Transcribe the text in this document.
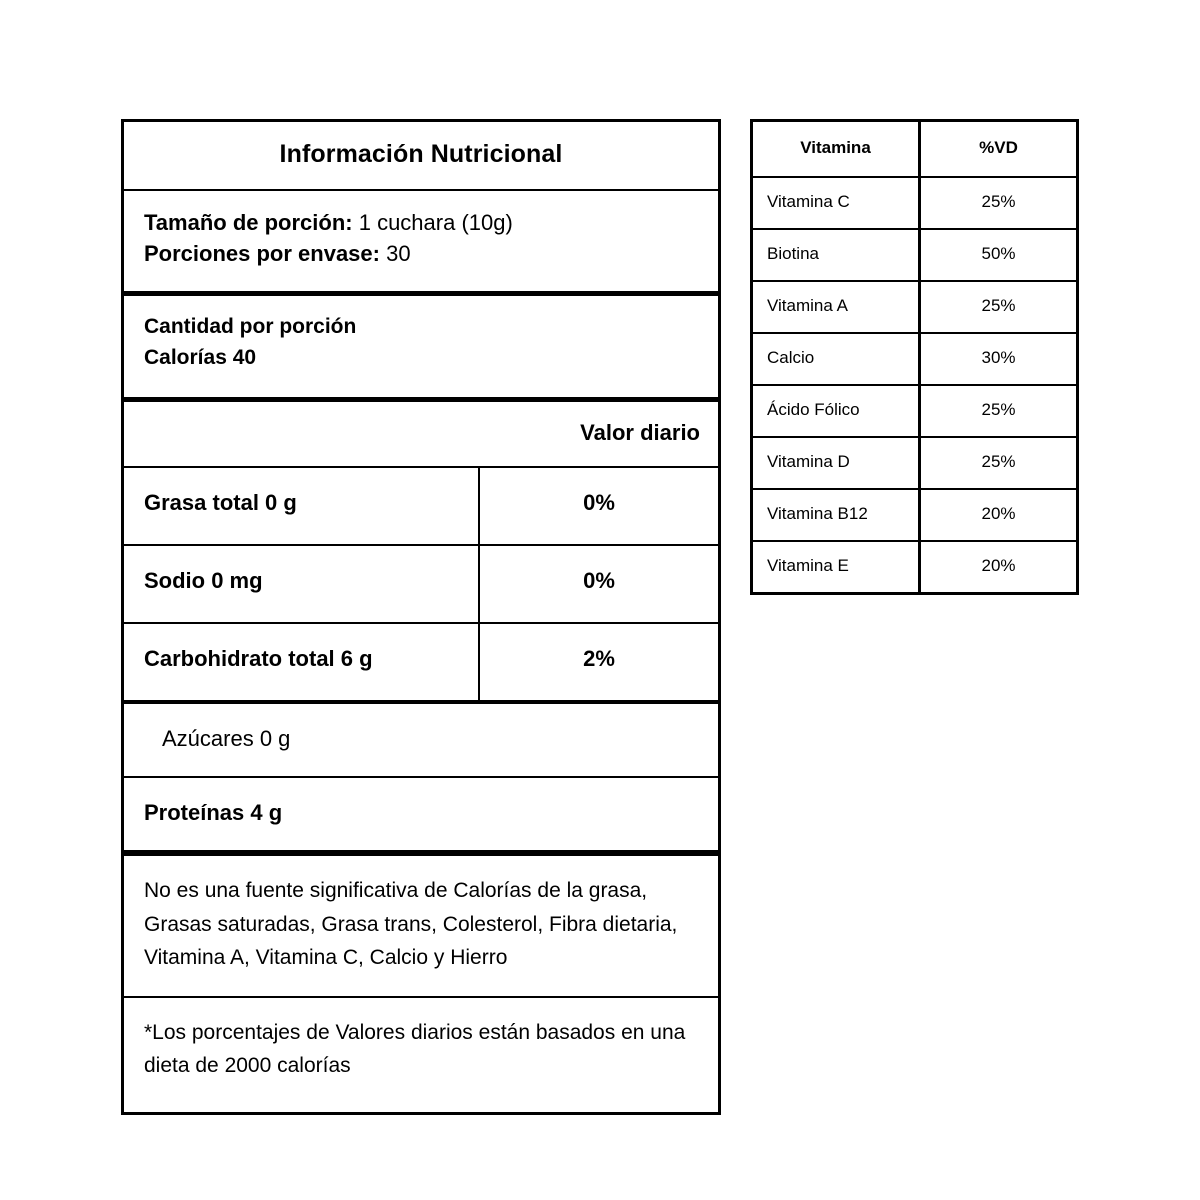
Información Nutricional
Tamaño de porción: 1 cuchara (10g)
Porciones por envase: 30
Cantidad por porción
Calorías 40
Valor diario
Grasa total 0 g	0%
Sodio 0 mg	0%
Carbohidrato total 6 g	2%
Azúcares 0 g
Proteínas 4 g
No es una fuente significativa de Calorías de la grasa, Grasas saturadas, Grasa trans, Colesterol, Fibra dietaria, Vitamina A, Vitamina C, Calcio y Hierro
*Los porcentajes de Valores diarios están basados en una dieta de 2000 calorías
Vitamina	%VD
Vitamina C	25%
Biotina	50%
Vitamina A	25%
Calcio	30%
Ácido Fólico	25%
Vitamina D	25%
Vitamina B12	20%
Vitamina E	20%
